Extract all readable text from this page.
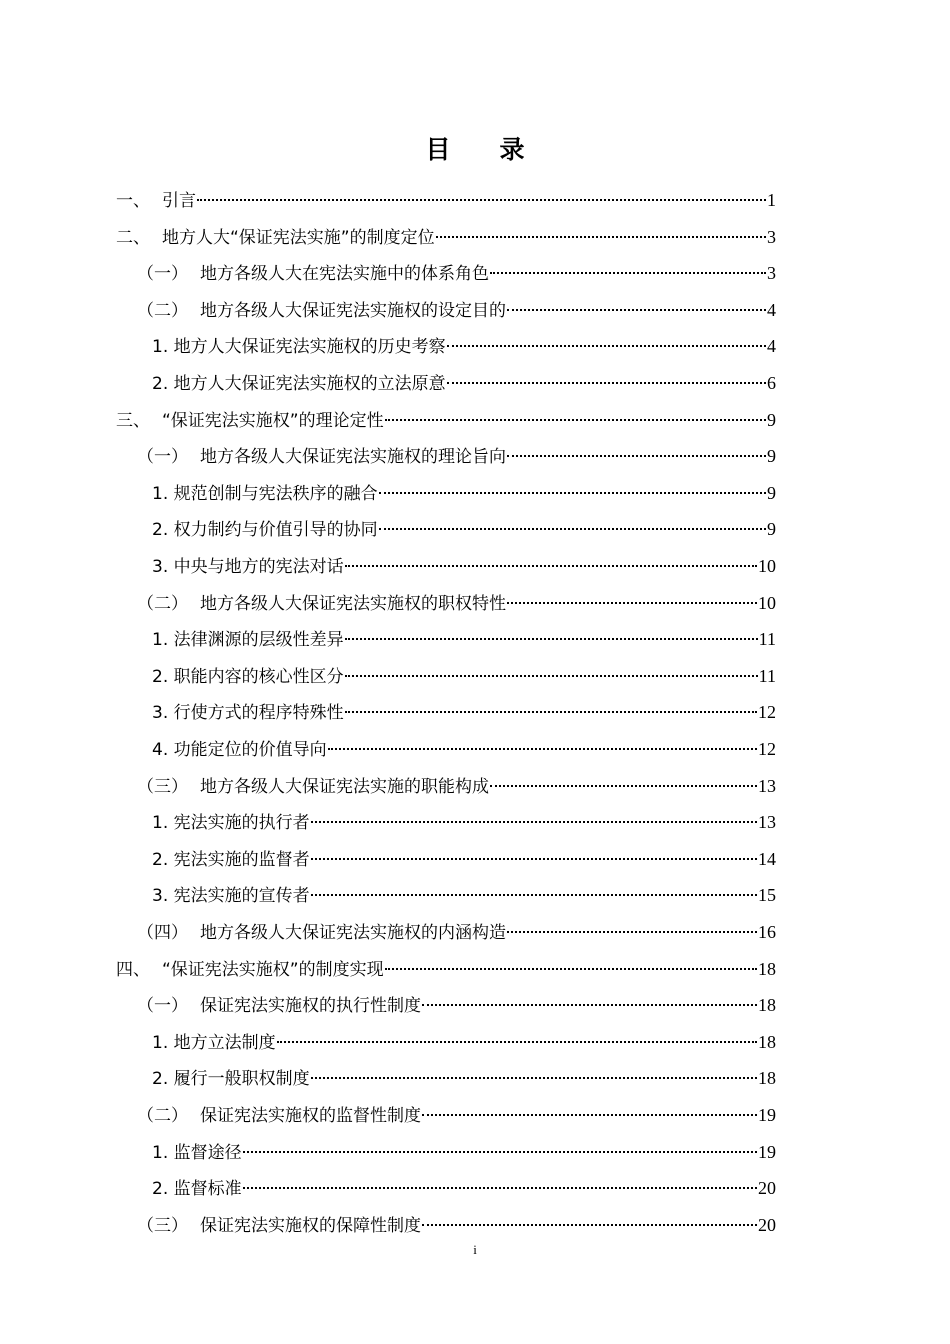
目　录
一、 引言	1
二、 地方人大“保证宪法实施”的制度定位	3
（一） 地方各级人大在宪法实施中的体系角色	3
（二） 地方各级人大保证宪法实施权的设定目的	4
1. 地方人大保证宪法实施权的历史考察	4
2. 地方人大保证宪法实施权的立法原意	6
三、 “保证宪法实施权”的理论定性	9
（一） 地方各级人大保证宪法实施权的理论旨向	9
1. 规范创制与宪法秩序的融合	9
2. 权力制约与价值引导的协同	9
3. 中央与地方的宪法对话	10
（二） 地方各级人大保证宪法实施权的职权特性	10
1. 法律渊源的层级性差异	11
2. 职能内容的核心性区分	11
3. 行使方式的程序特殊性	12
4. 功能定位的价值导向	12
（三） 地方各级人大保证宪法实施的职能构成	13
1. 宪法实施的执行者	13
2. 宪法实施的监督者	14
3. 宪法实施的宣传者	15
（四） 地方各级人大保证宪法实施权的内涵构造	16
四、 “保证宪法实施权”的制度实现	18
（一） 保证宪法实施权的执行性制度	18
1. 地方立法制度	18
2. 履行一般职权制度	18
（二） 保证宪法实施权的监督性制度	19
1. 监督途径	19
2. 监督标准	20
（三） 保证宪法实施权的保障性制度	20
i
